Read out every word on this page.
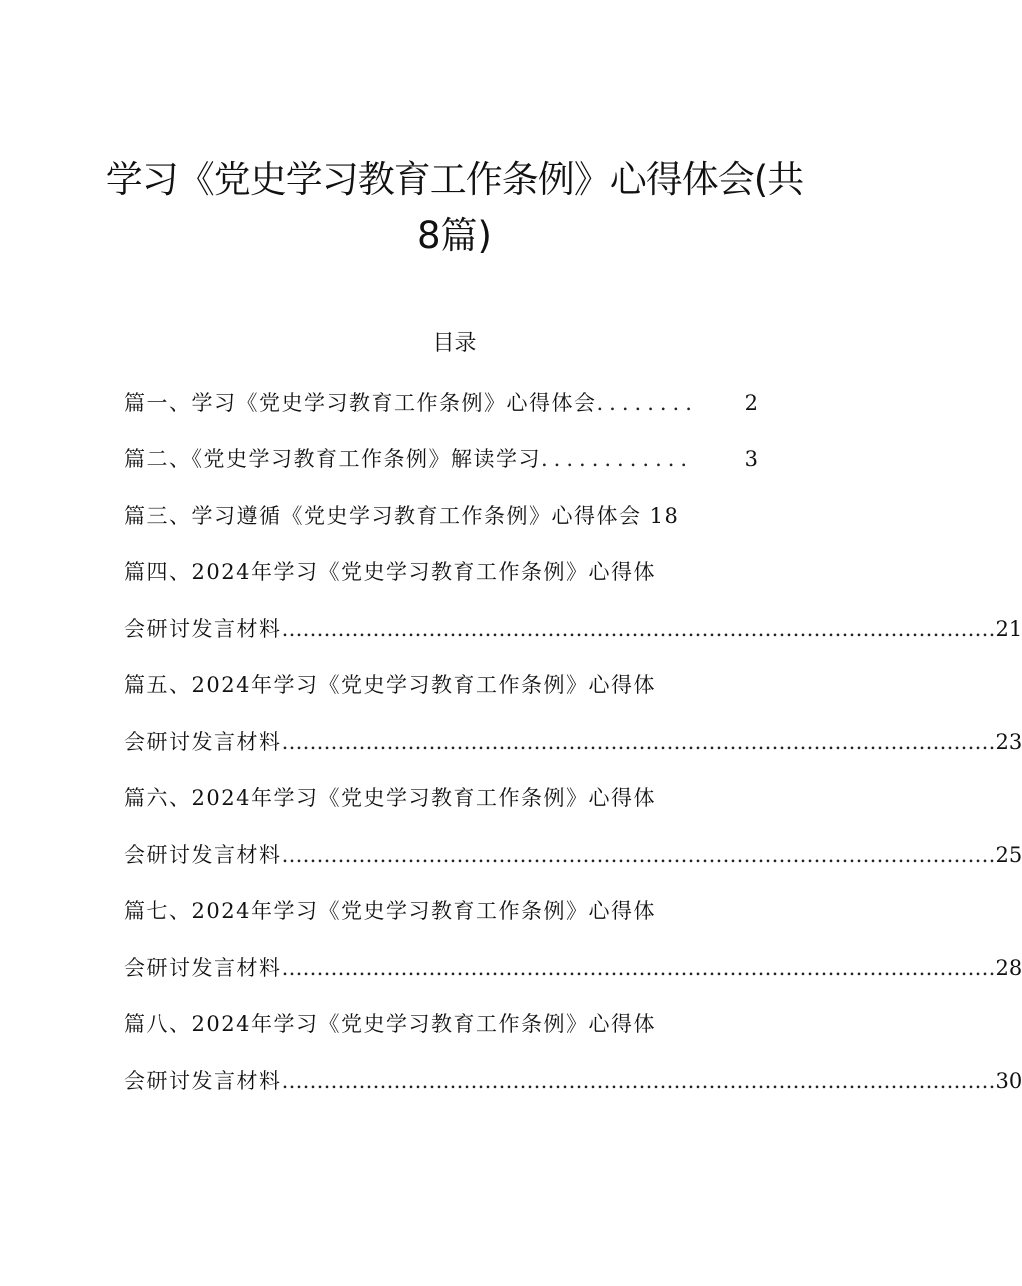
学习《党史学习教育工作条例》心得体会(共
8篇)
目录
篇一、学习《党史学习教育工作条例》心得体会 ........	2
篇二、《党史学习教育工作条例》解读学习 ............	3
篇三、学习遵循《党史学习教育工作条例》心得体会 18
篇四、2024年学习《党史学习教育工作条例》心得体
会研讨发言材料 ………………………………………………………………………………………… 21
篇五、2024年学习《党史学习教育工作条例》心得体
会研讨发言材料 ………………………………………………………………………………………… 23
篇六、2024年学习《党史学习教育工作条例》心得体
会研讨发言材料 ………………………………………………………………………………………… 25
篇七、2024年学习《党史学习教育工作条例》心得体
会研讨发言材料 ………………………………………………………………………………………… 28
篇八、2024年学习《党史学习教育工作条例》心得体
会研讨发言材料 ………………………………………………………………………………………… 30
